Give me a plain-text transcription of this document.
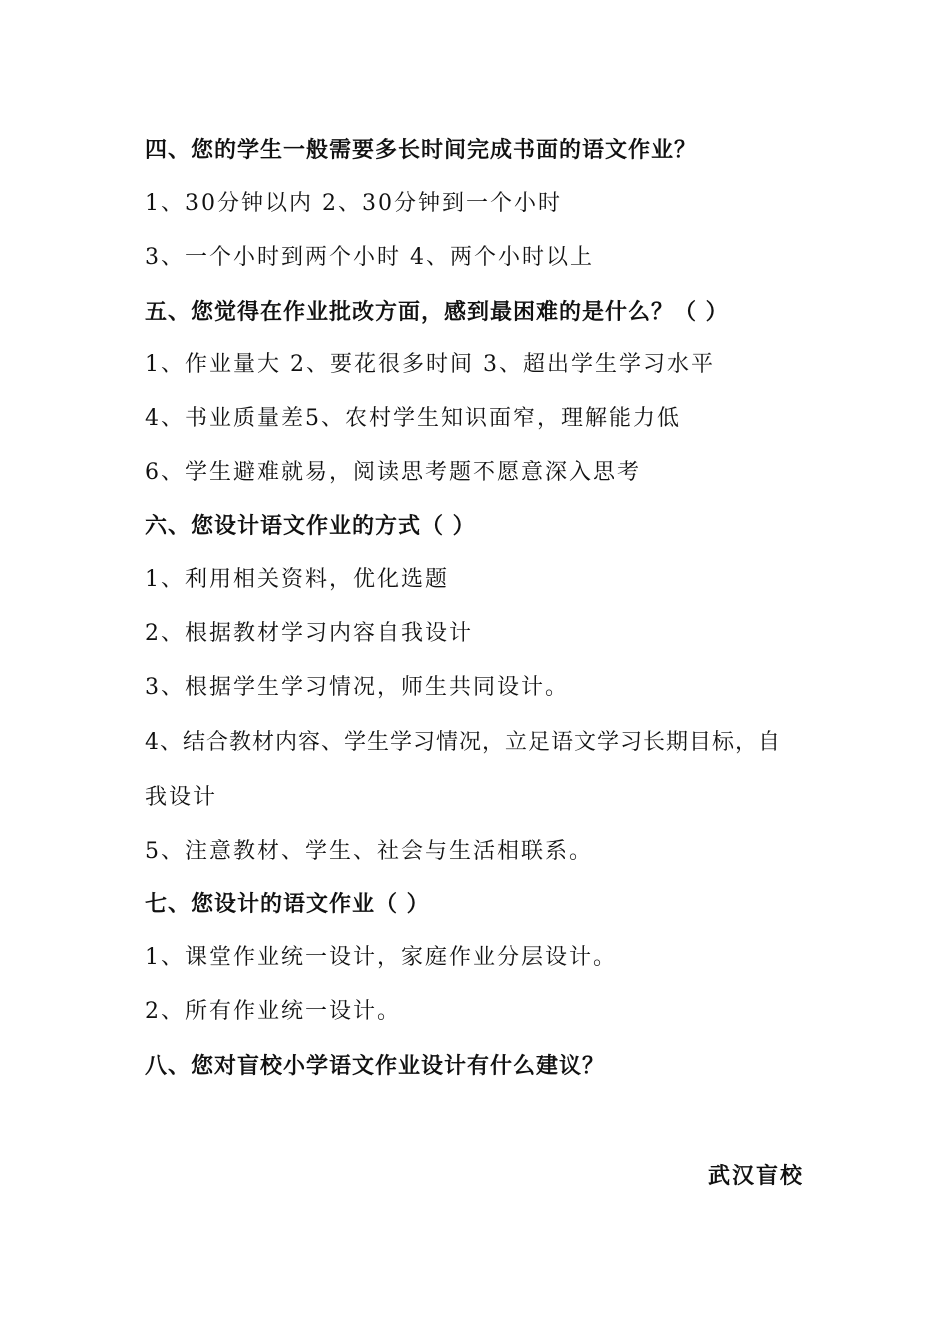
四、您的学生一般需要多长时间完成书面的语文作业？
1、30分钟以内 2、30分钟到一个小时
3、一个小时到两个小时 4、两个小时以上
五、您觉得在作业批改方面，感到最困难的是什么？（ ）
1、作业量大 2、要花很多时间 3、超出学生学习水平
4、书业质量差5、农村学生知识面窄，理解能力低
6、学生避难就易，阅读思考题不愿意深入思考
六、您设计语文作业的方式（ ）
1、利用相关资料，优化选题
2、根据教材学习内容自我设计
3、根据学生学习情况，师生共同设计。
4、结合教材内容、学生学习情况，立足语文学习长期目标，自
我设计
5、注意教材、学生、社会与生活相联系。
七、您设计的语文作业（ ）
1、课堂作业统一设计，家庭作业分层设计。
2、所有作业统一设计。
八、您对盲校小学语文作业设计有什么建议？
武汉盲校
